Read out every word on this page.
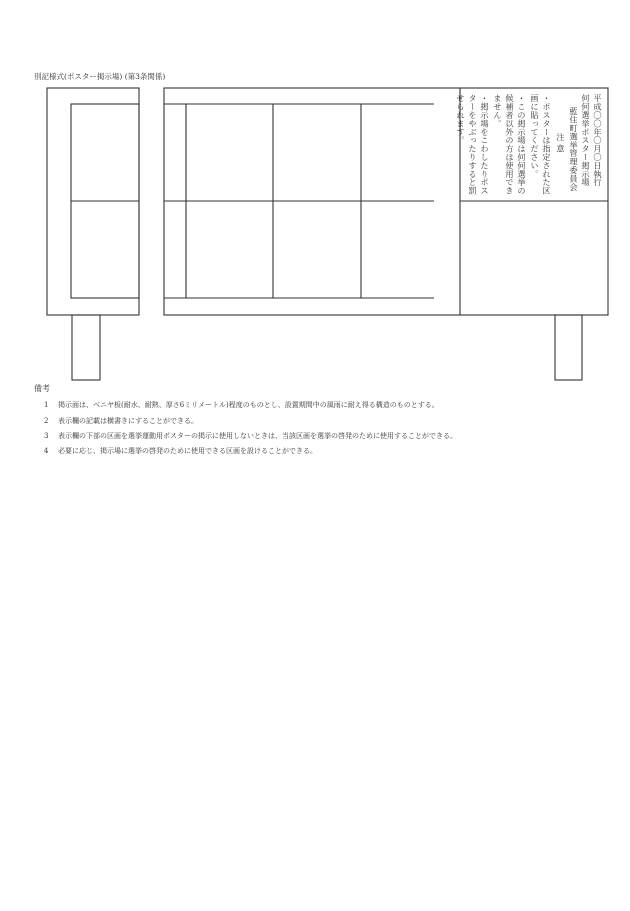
別記様式(ポスター掲示場) (第3条関係)
平成〇〇年〇月〇日執行
何何選挙ポスター掲示場
藍住町選挙管理委員会
注 意
・ポスターは指定された区
画に貼ってください。
・この掲示場は何何選挙の
候補者以外の方は使用でき
ません。
・掲示場をこわしたりポス
ターをやぶったりすると罰
せられます。
備考
1 掲示面は、ベニヤ板(耐水、耐熱、厚さ6ミリメートル)程度のものとし、設置期間中の風雨に耐え得る構造のものとする。
2 表示欄の記載は横書きにすることができる。
3 表示欄の下部の区画を選挙運動用ポスターの掲示に使用しないときは、当該区画を選挙の啓発のために使用することができる。
4 必要に応じ、掲示場に選挙の啓発のために使用できる区画を設けることができる。
